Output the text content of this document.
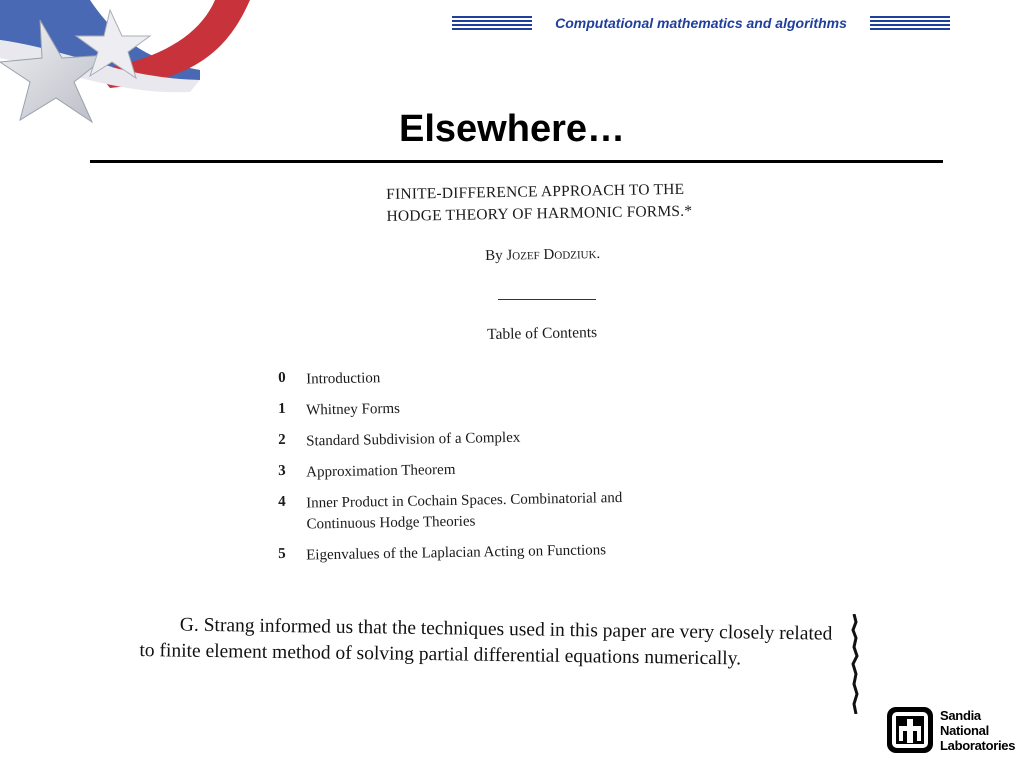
Computational mathematics and algorithms
Elsewhere…
FINITE-DIFFERENCE APPROACH TO THE
HODGE THEORY OF HARMONIC FORMS.*
By Jozef Dodziuk.
Table of Contents
0	Introduction
1	Whitney Forms
2	Standard Subdivision of a Complex
3	Approximation Theorem
4	Inner Product in Cochain Spaces. Combinatorial and Continuous Hodge Theories
5	Eigenvalues of the Laplacian Acting on Functions
G. Strang informed us that the techniques used in this paper are very closely related to finite element method of solving partial differential equations numerically.
Sandia
National
Laboratories
